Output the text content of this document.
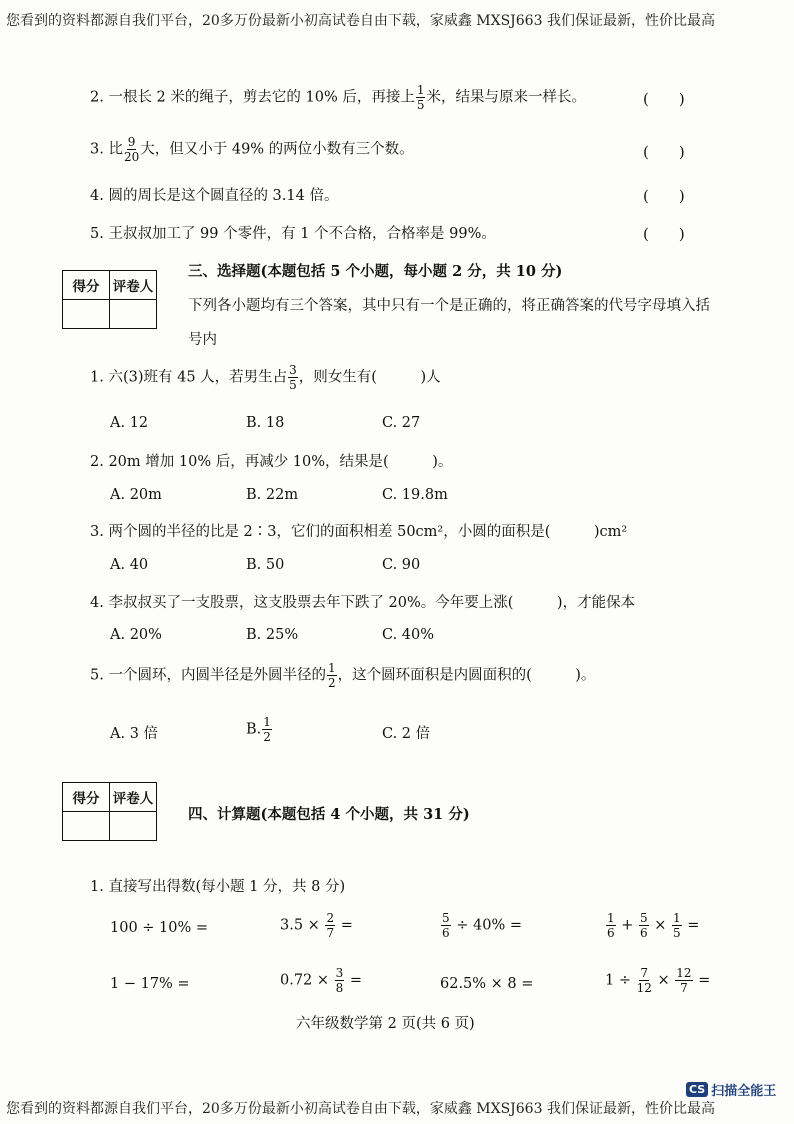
您看到的资料都源自我们平台，20多万份最新小初高试卷自由下载，家威鑫 MXSJ663 我们保证最新，性价比最高
2. 一根长 2 米的绳子，剪去它的 10% 后，再接上 $\frac{1}{5}$ 米，结果与原来一样长。	(　　)
3. 比 $\frac{9}{20}$ 大，但又小于 49% 的两位小数有三个数。	(　　)
4. 圆的周长是这个圆直径的 3.14 倍。	(　　)
5. 王叔叔加工了 99 个零件，有 1 个不合格，合格率是 99%。	(　　)
得分	评卷人

三、选择题(本题包括 5 个小题，每小题 2 分，共 10 分)
下列各小题均有三个答案，其中只有一个是正确的，将正确答案的代号字母填入括
号内
1. 六(3)班有 45 人，若男生占 $\frac{3}{5}$ ，则女生有(　　　)人
A. 12	B. 18	C. 27
2. 20m 增加 10% 后，再减少 10%，结果是(　　　)。
A. 20m	B. 22m	C. 19.8m
3. 两个圆的半径的比是 2∶3，它们的面积相差 50cm²，小圆的面积是(　　　)cm²
A. 40	B. 50	C. 90
4. 李叔叔买了一支股票，这支股票去年下跌了 20%。今年要上涨(　　　)，才能保本
A. 20%	B. 25%	C. 40%
5. 一个圆环，内圆半径是外圆半径的 $\frac{1}{2}$ ，这个圆环面积是内圆面积的(　　　)。
A. 3 倍	B. $\frac{1}{2}$	C. 2 倍
得分	评卷人

四、计算题(本题包括 4 个小题，共 31 分)
1. 直接写出得数(每小题 1 分，共 8 分)
100 ÷ 10% =	$3.5 \times \frac{2}{7}$ =	$\frac{5}{6} \div 40\%$ =	$\frac{1}{6} + \frac{5}{6} \times \frac{1}{5}$ =
1 − 17% =	$0.72 \times \frac{3}{8}$ =	62.5% × 8 =	$1 \div \frac{7}{12} \times \frac{12}{7}$ =
六年级数学第 2 页(共 6 页)
您看到的资料都源自我们平台，20多万份最新小初高试卷自由下载，家威鑫 MXSJ663 我们保证最新，性价比最高
CS 扫描全能王
